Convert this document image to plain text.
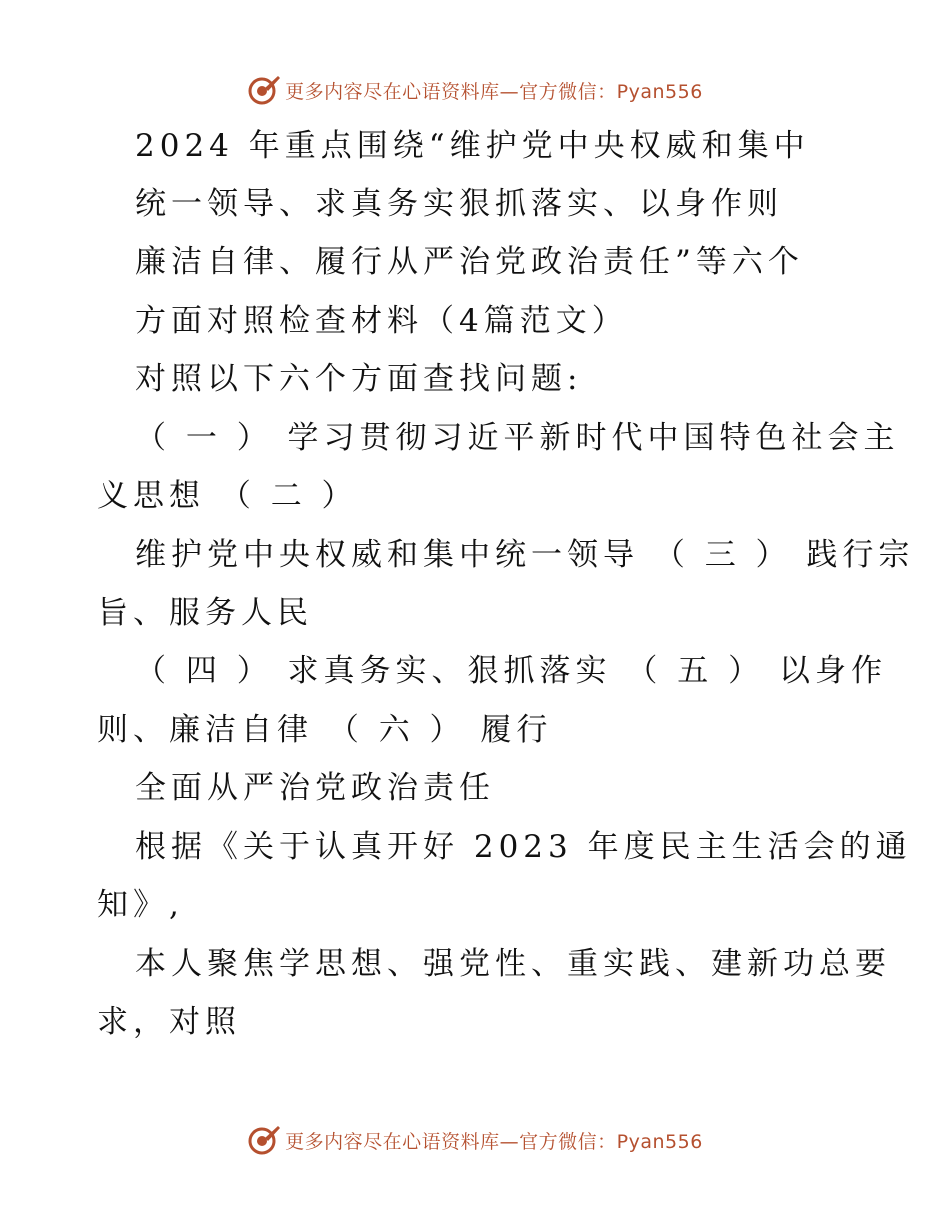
更多内容尽在心语资料库—官方微信：Pyan556
2024 年重点围绕“维护党中央权威和集中
统一领导、求真务实狠抓落实、以身作则
廉洁自律、履行从严治党政治责任”等六个
方面对照检查材料（4篇范文）
对照以下六个方面查找问题:
（ 一 ） 学习贯彻习近平新时代中国特色社会主
义思想 （ 二 ）
维护党中央权威和集中统一领导 （ 三 ） 践行宗
旨、服务人民
（ 四 ） 求真务实、狠抓落实 （ 五 ） 以身作
则、廉洁自律 （ 六 ） 履行
全面从严治党政治责任
根据《关于认真开好 2023 年度民主生活会的通
知》,
本人聚焦学思想、强党性、重实践、建新功总要
求，对照
更多内容尽在心语资料库—官方微信：Pyan556
